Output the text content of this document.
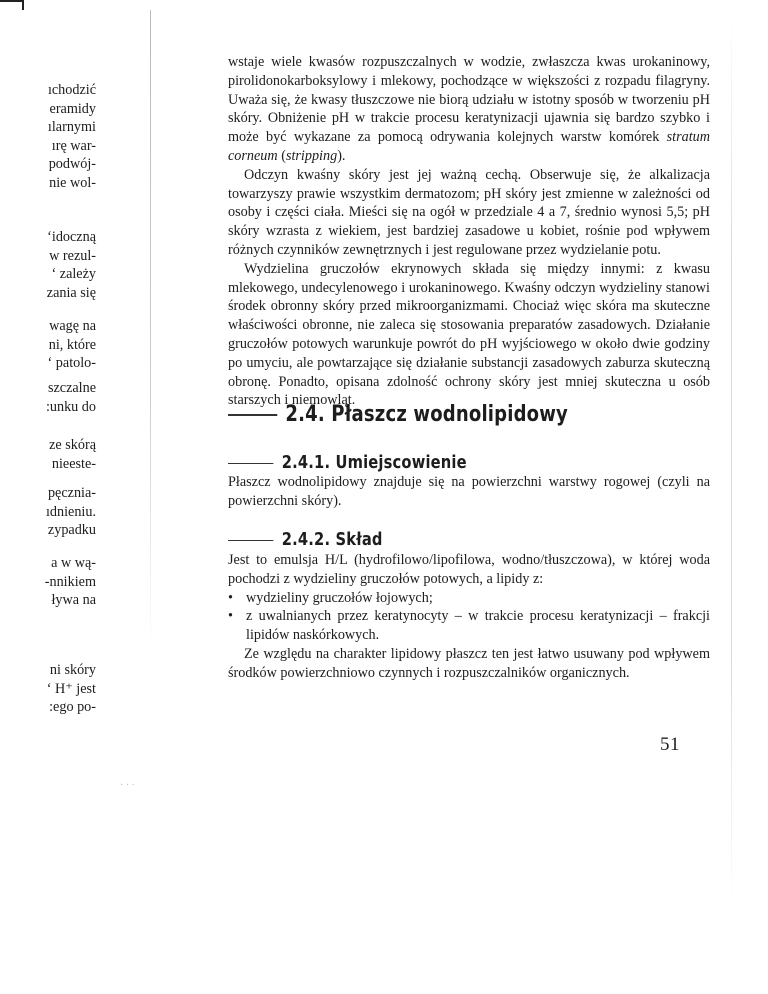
ıchodzić
eramidy
ılarnymi
ırę war-
podwój-
nie wol-
ʻidoczną
w rezul-
ʻ zależy
zania się
wagę na
ni, które
ʻ patolo-
szczalne
:unku do
ze skórą
nieeste-
pęcznia-
ıdnieniu.
zypadku
a w wą-
-nnikiem
ływa na
ni skóry
ʻ H⁺ jest
:ego po-

wstaje wiele kwasów rozpuszczalnych w wodzie, zwłaszcza kwas urokaninowy, pirolidonokarboksylowy i mlekowy, pochodzące w większości z rozpadu filagryny. Uważa się, że kwasy tłuszczowe nie biorą udziału w istotny sposób w tworzeniu pH skóry. Obniżenie pH w trakcie procesu keratynizacji ujawnia się bardzo szybko i może być wykazane za pomocą odrywania kolejnych warstw komórek stratum corneum (stripping).

Odczyn kwaśny skóry jest jej ważną cechą. Obserwuje się, że alkalizacja towarzyszy prawie wszystkim dermatozom; pH skóry jest zmienne w zależności od osoby i części ciała. Mieści się na ogół w przedziale 4 a 7, średnio wynosi 5,5; pH skóry wzrasta z wiekiem, jest bardziej zasadowe u kobiet, rośnie pod wpływem różnych czynników zewnętrznych i jest regulowane przez wydzielanie potu.

Wydzielina gruczołów ekrynowych składa się między innymi: z kwasu mlekowego, undecylenowego i urokaninowego. Kwaśny odczyn wydzieliny stanowi środek obronny skóry przed mikroorganizmami. Chociaż więc skóra ma skuteczne właściwości obronne, nie zaleca się stosowania preparatów zasadowych. Działanie gruczołów potowych warunkuje powrót do pH wyjściowego w około dwie godziny po umyciu, ale powtarzające się działanie substancji zasadowych zaburza skuteczną obronę. Ponadto, opisana zdolność ochrony skóry jest mniej skuteczna u osób starszych i niemowląt.

2.4. Płaszcz wodnolipidowy
2.4.1. Umiejscowienie

Płaszcz wodnolipidowy znajduje się na powierzchni warstwy rogowej (czyli na powierzchni skóry).

2.4.2. Skład

Jest to emulsja H/L (hydrofilowo/lipofilowa, wodno/tłuszczowa), w której woda pochodzi z wydzieliny gruczołów potowych, a lipidy z:

• wydzieliny gruczołów łojowych;
• z uwalnianych przez keratynocyty – w trakcie procesu keratynizacji – frakcji lipidów naskórkowych.

Ze względu na charakter lipidowy płaszcz ten jest łatwo usuwany pod wpływem środków powierzchniowo czynnych i rozpuszczalników organicznych.

51
· · ·
